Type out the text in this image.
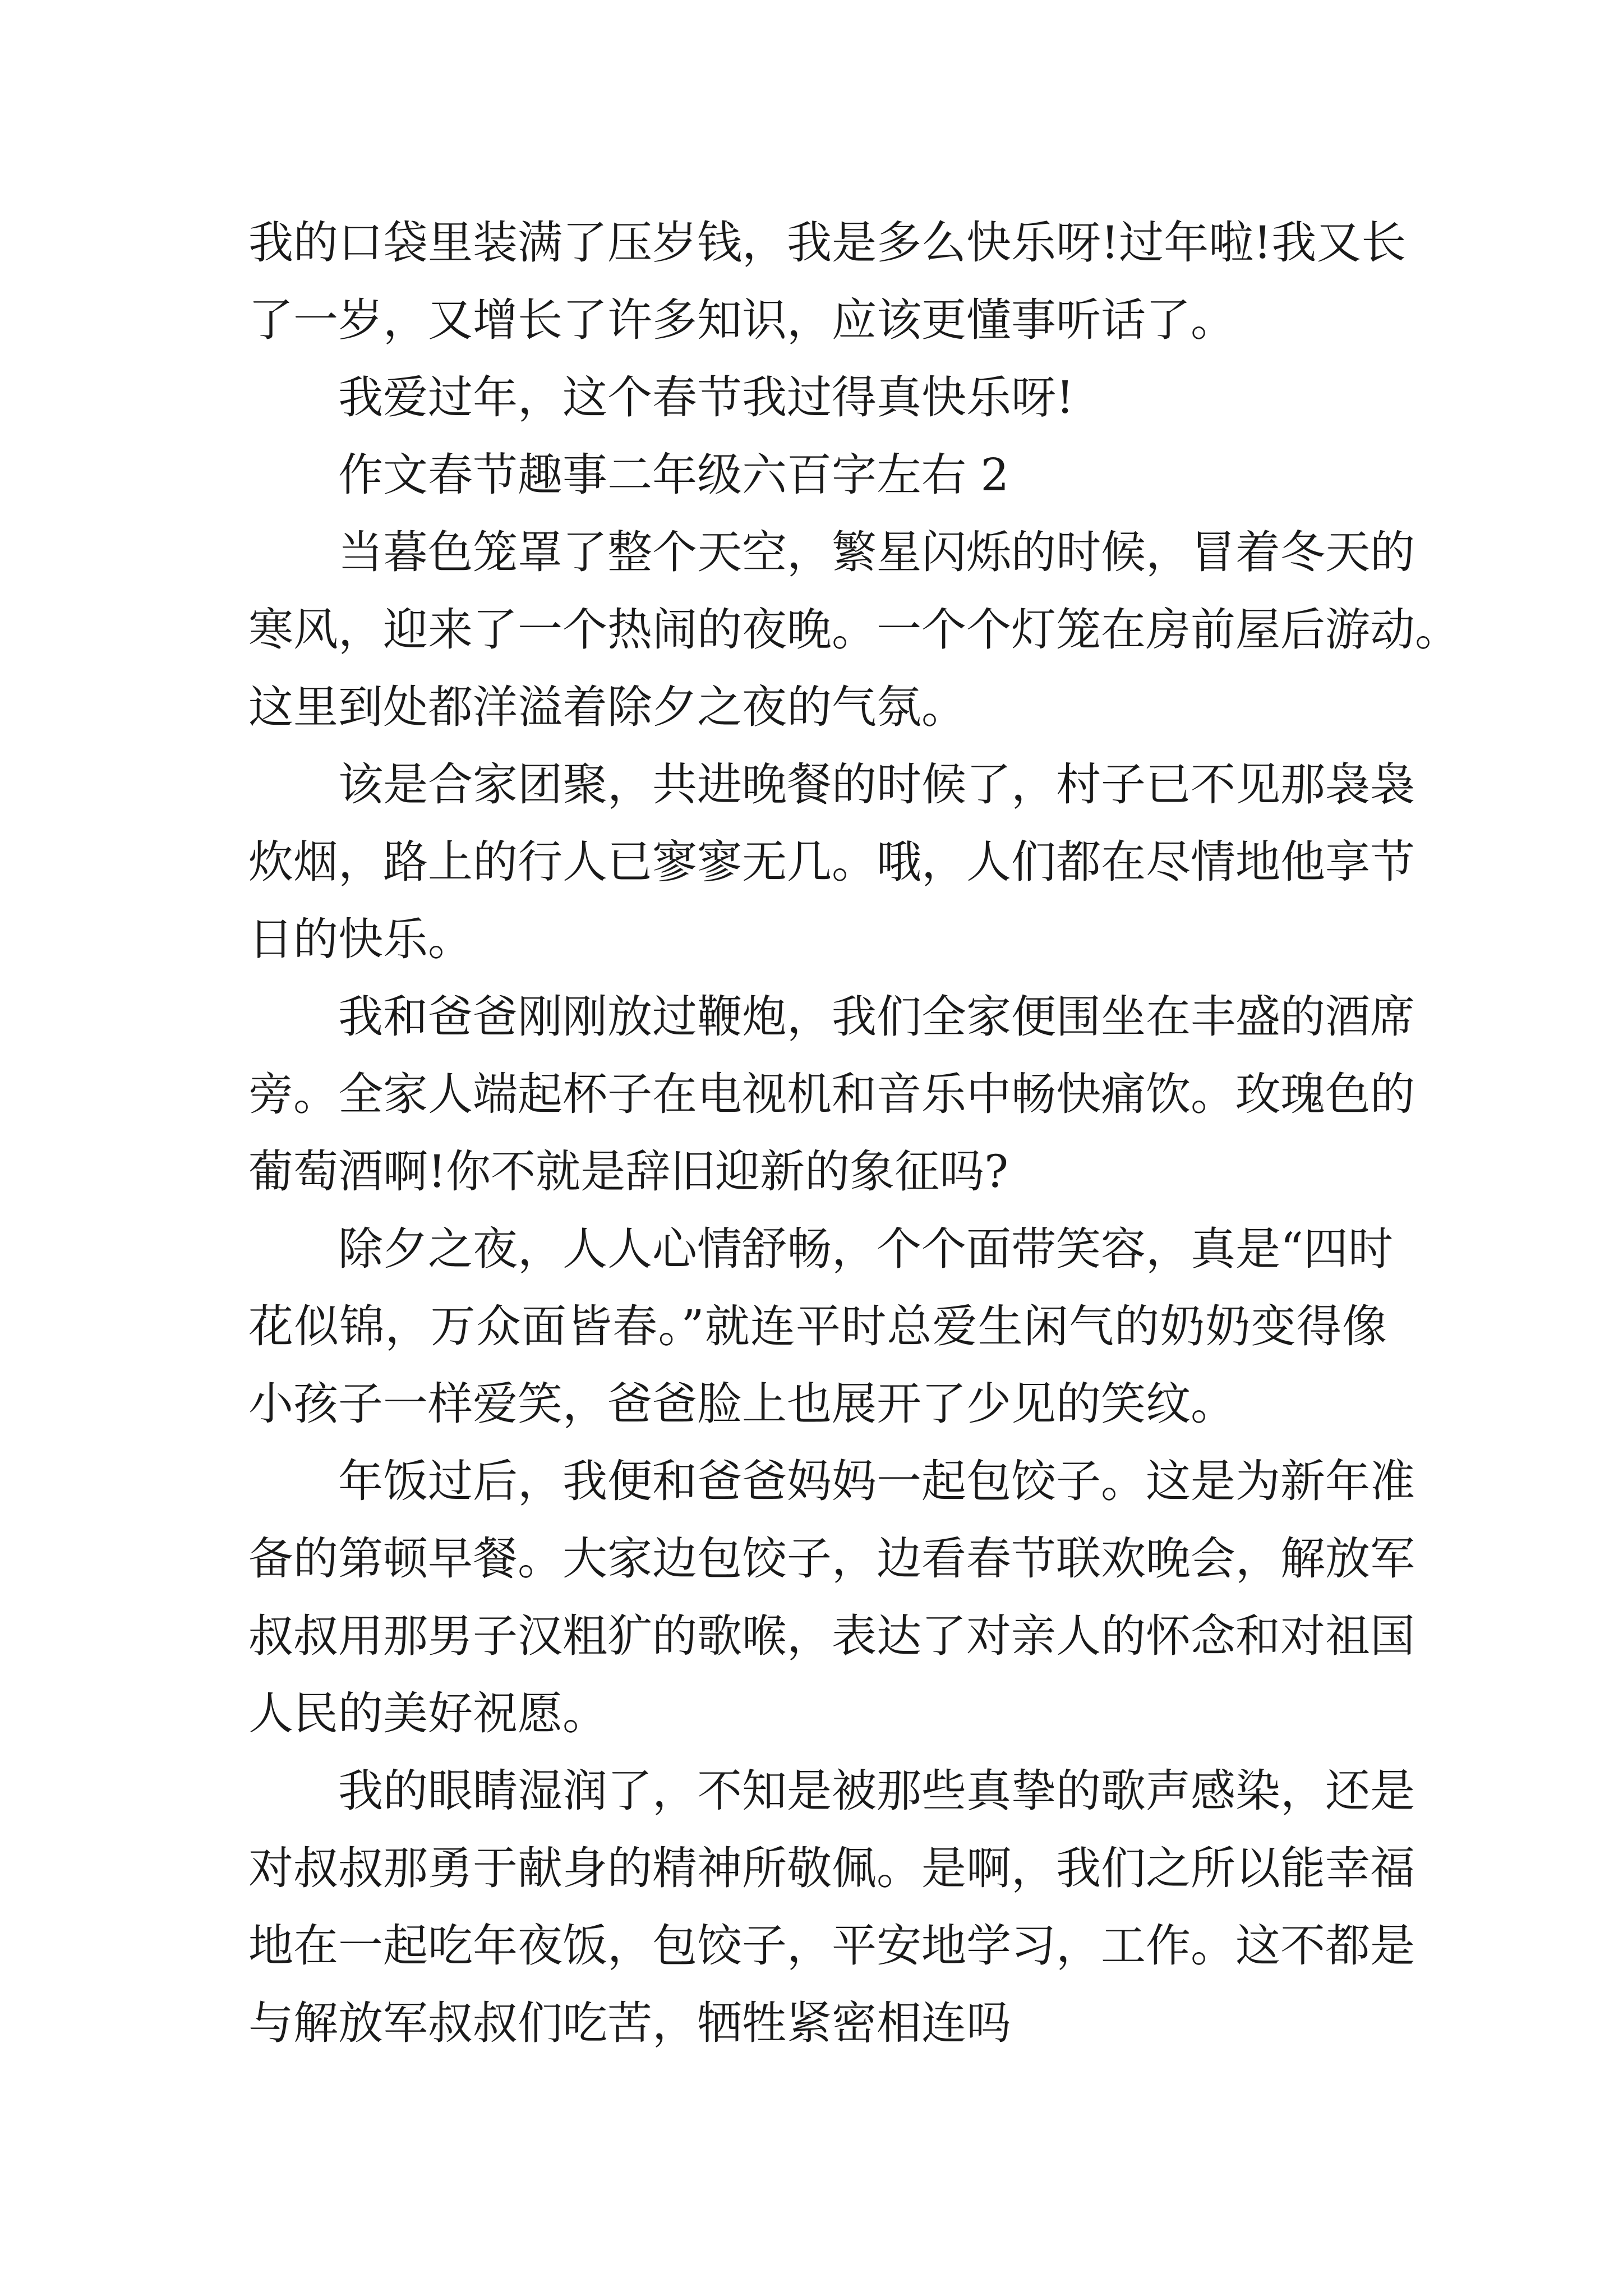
我的口袋里装满了压岁钱，我是多么快乐呀!过年啦!我又长
了一岁，又增长了许多知识，应该更懂事听话了。
我爱过年，这个春节我过得真快乐呀!
作文春节趣事二年级六百字左右 2
当暮色笼罩了整个天空，繁星闪烁的时候，冒着冬天的
寒风，迎来了一个热闹的夜晚。一个个灯笼在房前屋后游动。
这里到处都洋溢着除夕之夜的气氛。
该是合家团聚，共进晚餐的时候了，村子已不见那袅袅
炊烟，路上的行人已寥寥无几。哦，人们都在尽情地他享节
日的快乐。
我和爸爸刚刚放过鞭炮，我们全家便围坐在丰盛的酒席
旁。全家人端起杯子在电视机和音乐中畅快痛饮。玫瑰色的
葡萄酒啊!你不就是辞旧迎新的象征吗?
除夕之夜，人人心情舒畅，个个面带笑容，真是“四时
花似锦，万众面皆春。”就连平时总爱生闲气的奶奶变得像
小孩子一样爱笑，爸爸脸上也展开了少见的笑纹。
年饭过后，我便和爸爸妈妈一起包饺子。这是为新年准
备的第顿早餐。大家边包饺子，边看春节联欢晚会，解放军
叔叔用那男子汉粗犷的歌喉，表达了对亲人的怀念和对祖国
人民的美好祝愿。
我的眼睛湿润了，不知是被那些真挚的歌声感染，还是
对叔叔那勇于献身的精神所敬佩。是啊，我们之所以能幸福
地在一起吃年夜饭，包饺子，平安地学习，工作。这不都是
与解放军叔叔们吃苦，牺牲紧密相连吗
